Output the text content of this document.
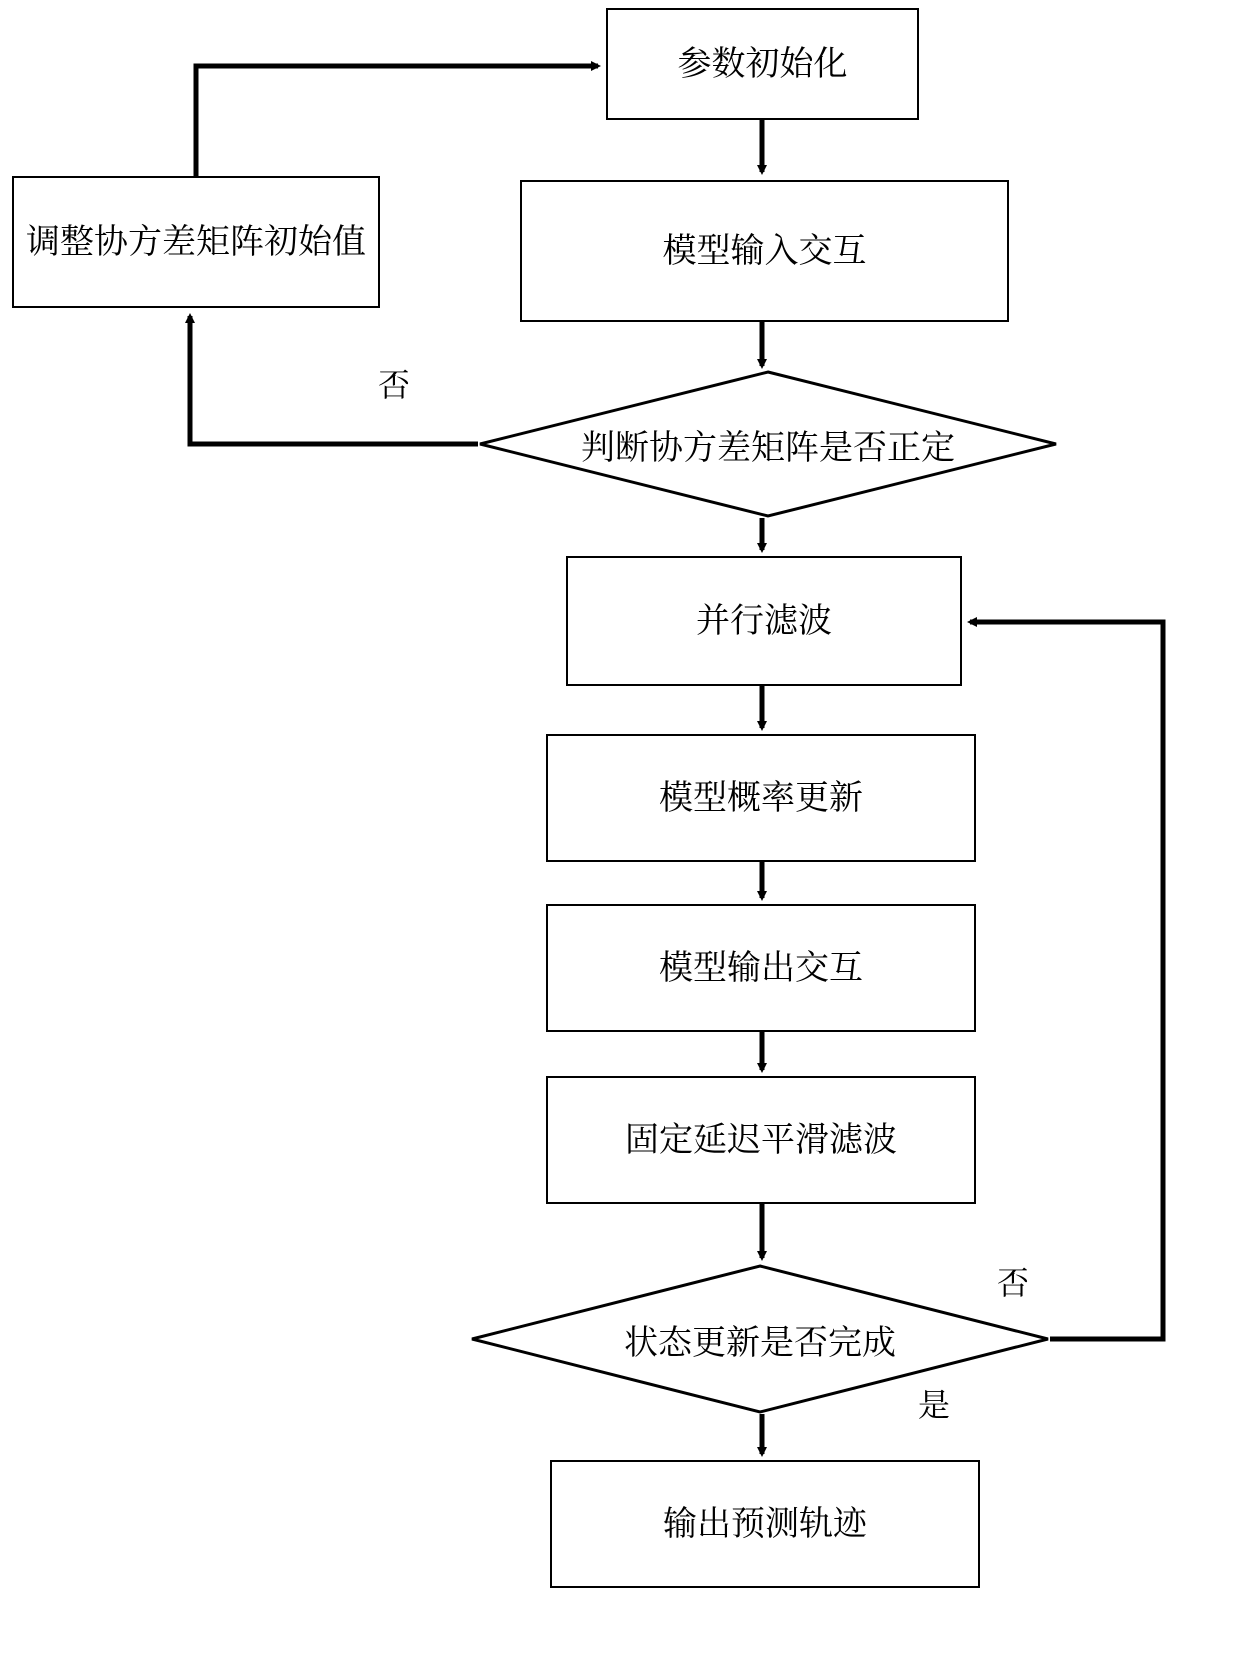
参数初始化
调整协方差矩阵初始值	模型输入交互
并行滤波
模型概率更新
模型输出交互
固定延迟平滑滤波
输出预测轨迹
判断协方差矩阵是否正定
状态更新是否完成
否
否
是
